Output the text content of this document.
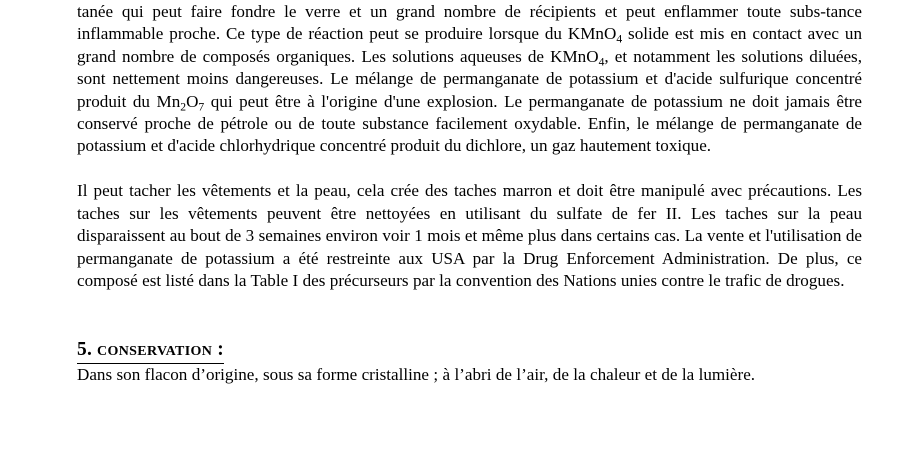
tanée qui peut faire fondre le verre et un grand nombre de récipients et peut enflammer toute subs-tance inflammable proche. Ce type de réaction peut se produire lorsque du KMnO$_4$ solide est mis en contact avec un grand nombre de composés organiques. Les solutions aqueuses de KMnO$_4$, et notamment les solutions diluées, sont nettement moins dangereuses. Le mélange de permanganate de potassium et d'acide sulfurique concentré produit du $Mn_2O_7$ qui peut être à l'origine d'une explosion. Le permanganate de potassium ne doit jamais être conservé proche de pétrole ou de toute substance facilement oxydable. Enfin, le mélange de permanganate de potassium et d'acide chlorhydrique concentré produit du dichlore, un gaz hautement toxique.

Il peut tacher les vêtements et la peau, cela crée des taches marron et doit être manipulé avec précautions. Les taches sur les vêtements peuvent être nettoyées en utilisant du sulfate de fer II. Les taches sur la peau disparaissent au bout de 3 semaines environ voir 1 mois et même plus dans certains cas. La vente et l'utilisation de permanganate de potassium a été restreinte aux USA par la Drug Enforcement Administration. De plus, ce composé est listé dans la Table I des précurseurs par la convention des Nations unies contre le trafic de drogues.

5. conservation :

Dans son flacon d’origine, sous sa forme cristalline ; à l’abri de l’air, de la chaleur et de la lumière.
